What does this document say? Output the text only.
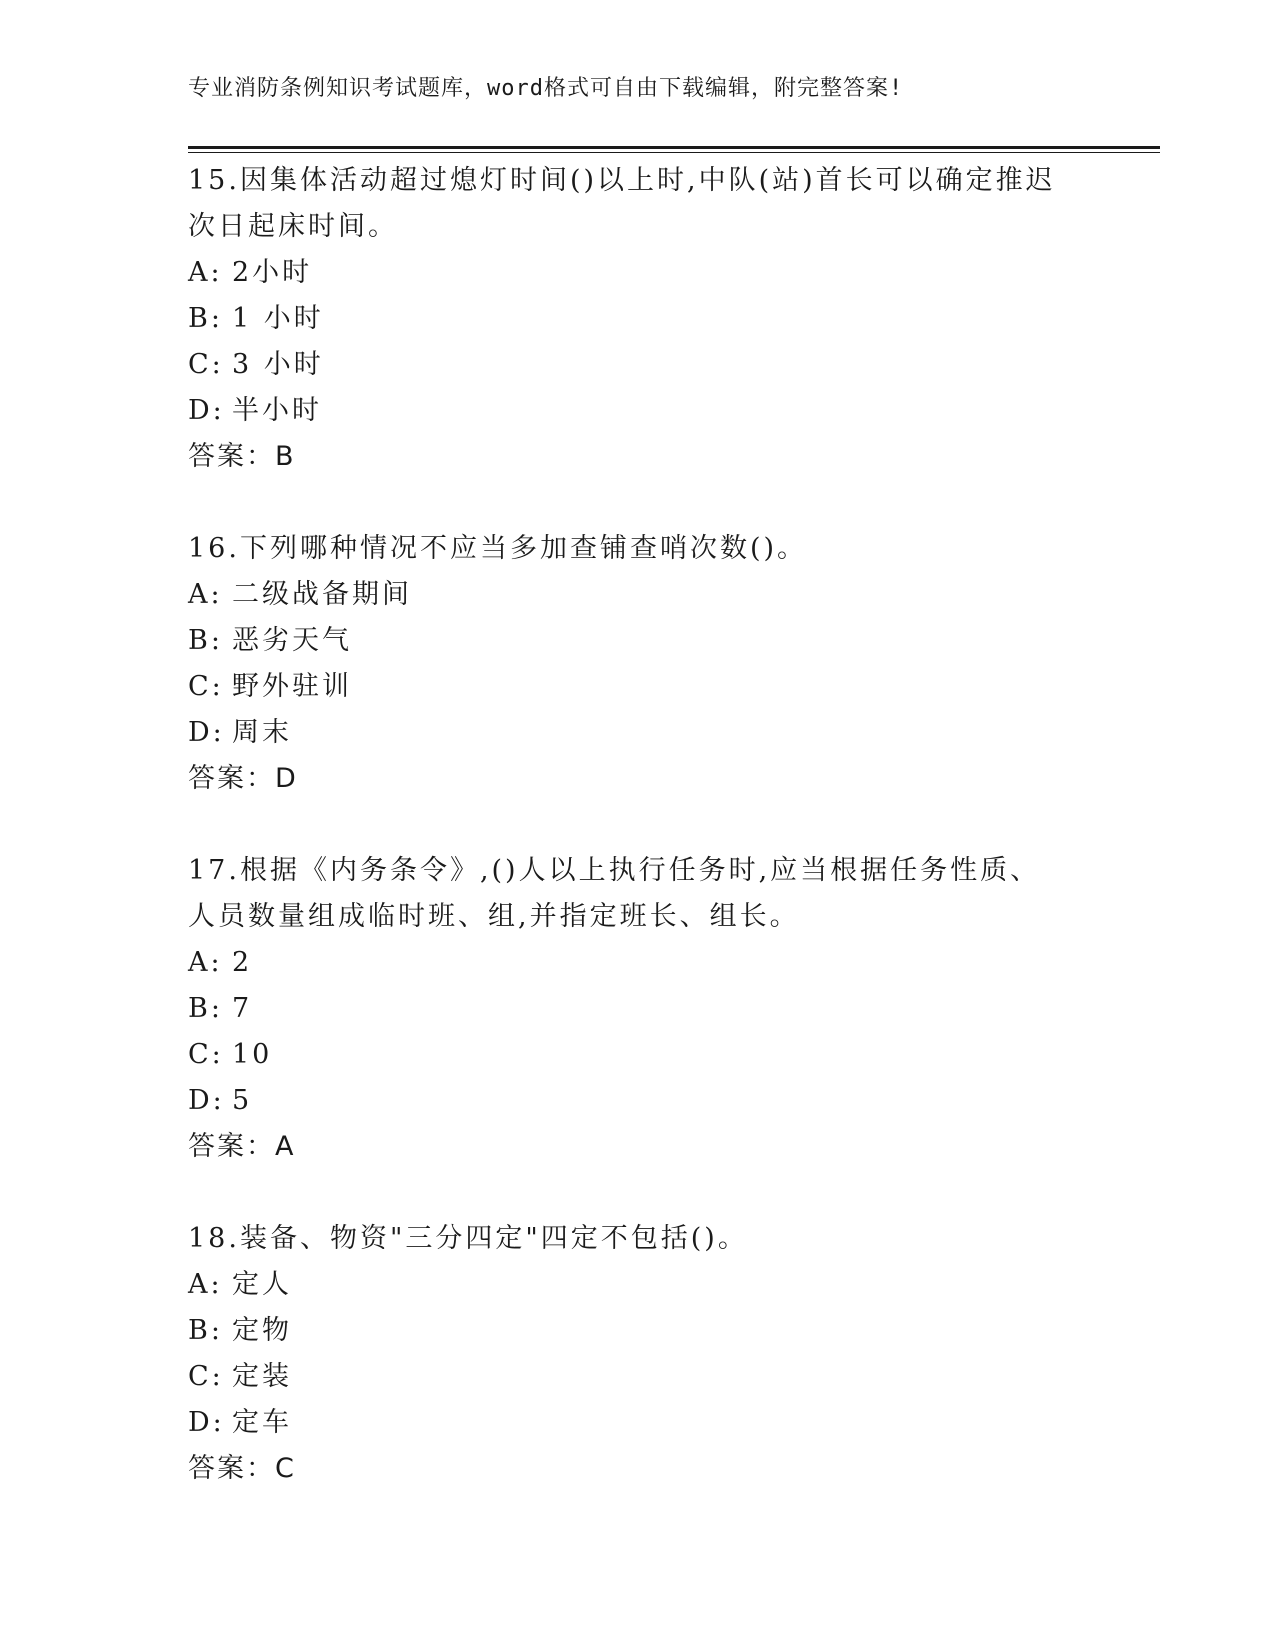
专业消防条例知识考试题库，word格式可自由下载编辑，附完整答案!
15.因集体活动超过熄灯时间()以上时,中队(站)首长可以确定推迟次日起床时间。
A: 2小时
B: 1 小时
C: 3 小时
D: 半小时
答案：B
16.下列哪种情况不应当多加查铺查哨次数()。
A: 二级战备期间
B: 恶劣天气
C: 野外驻训
D: 周末
答案：D
17.根据《内务条令》,()人以上执行任务时,应当根据任务性质、人员数量组成临时班、组,并指定班长、组长。
A: 2
B: 7
C: 10
D: 5
答案：A
18.装备、物资"三分四定"四定不包括()。
A: 定人
B: 定物
C: 定装
D: 定车
答案：C
